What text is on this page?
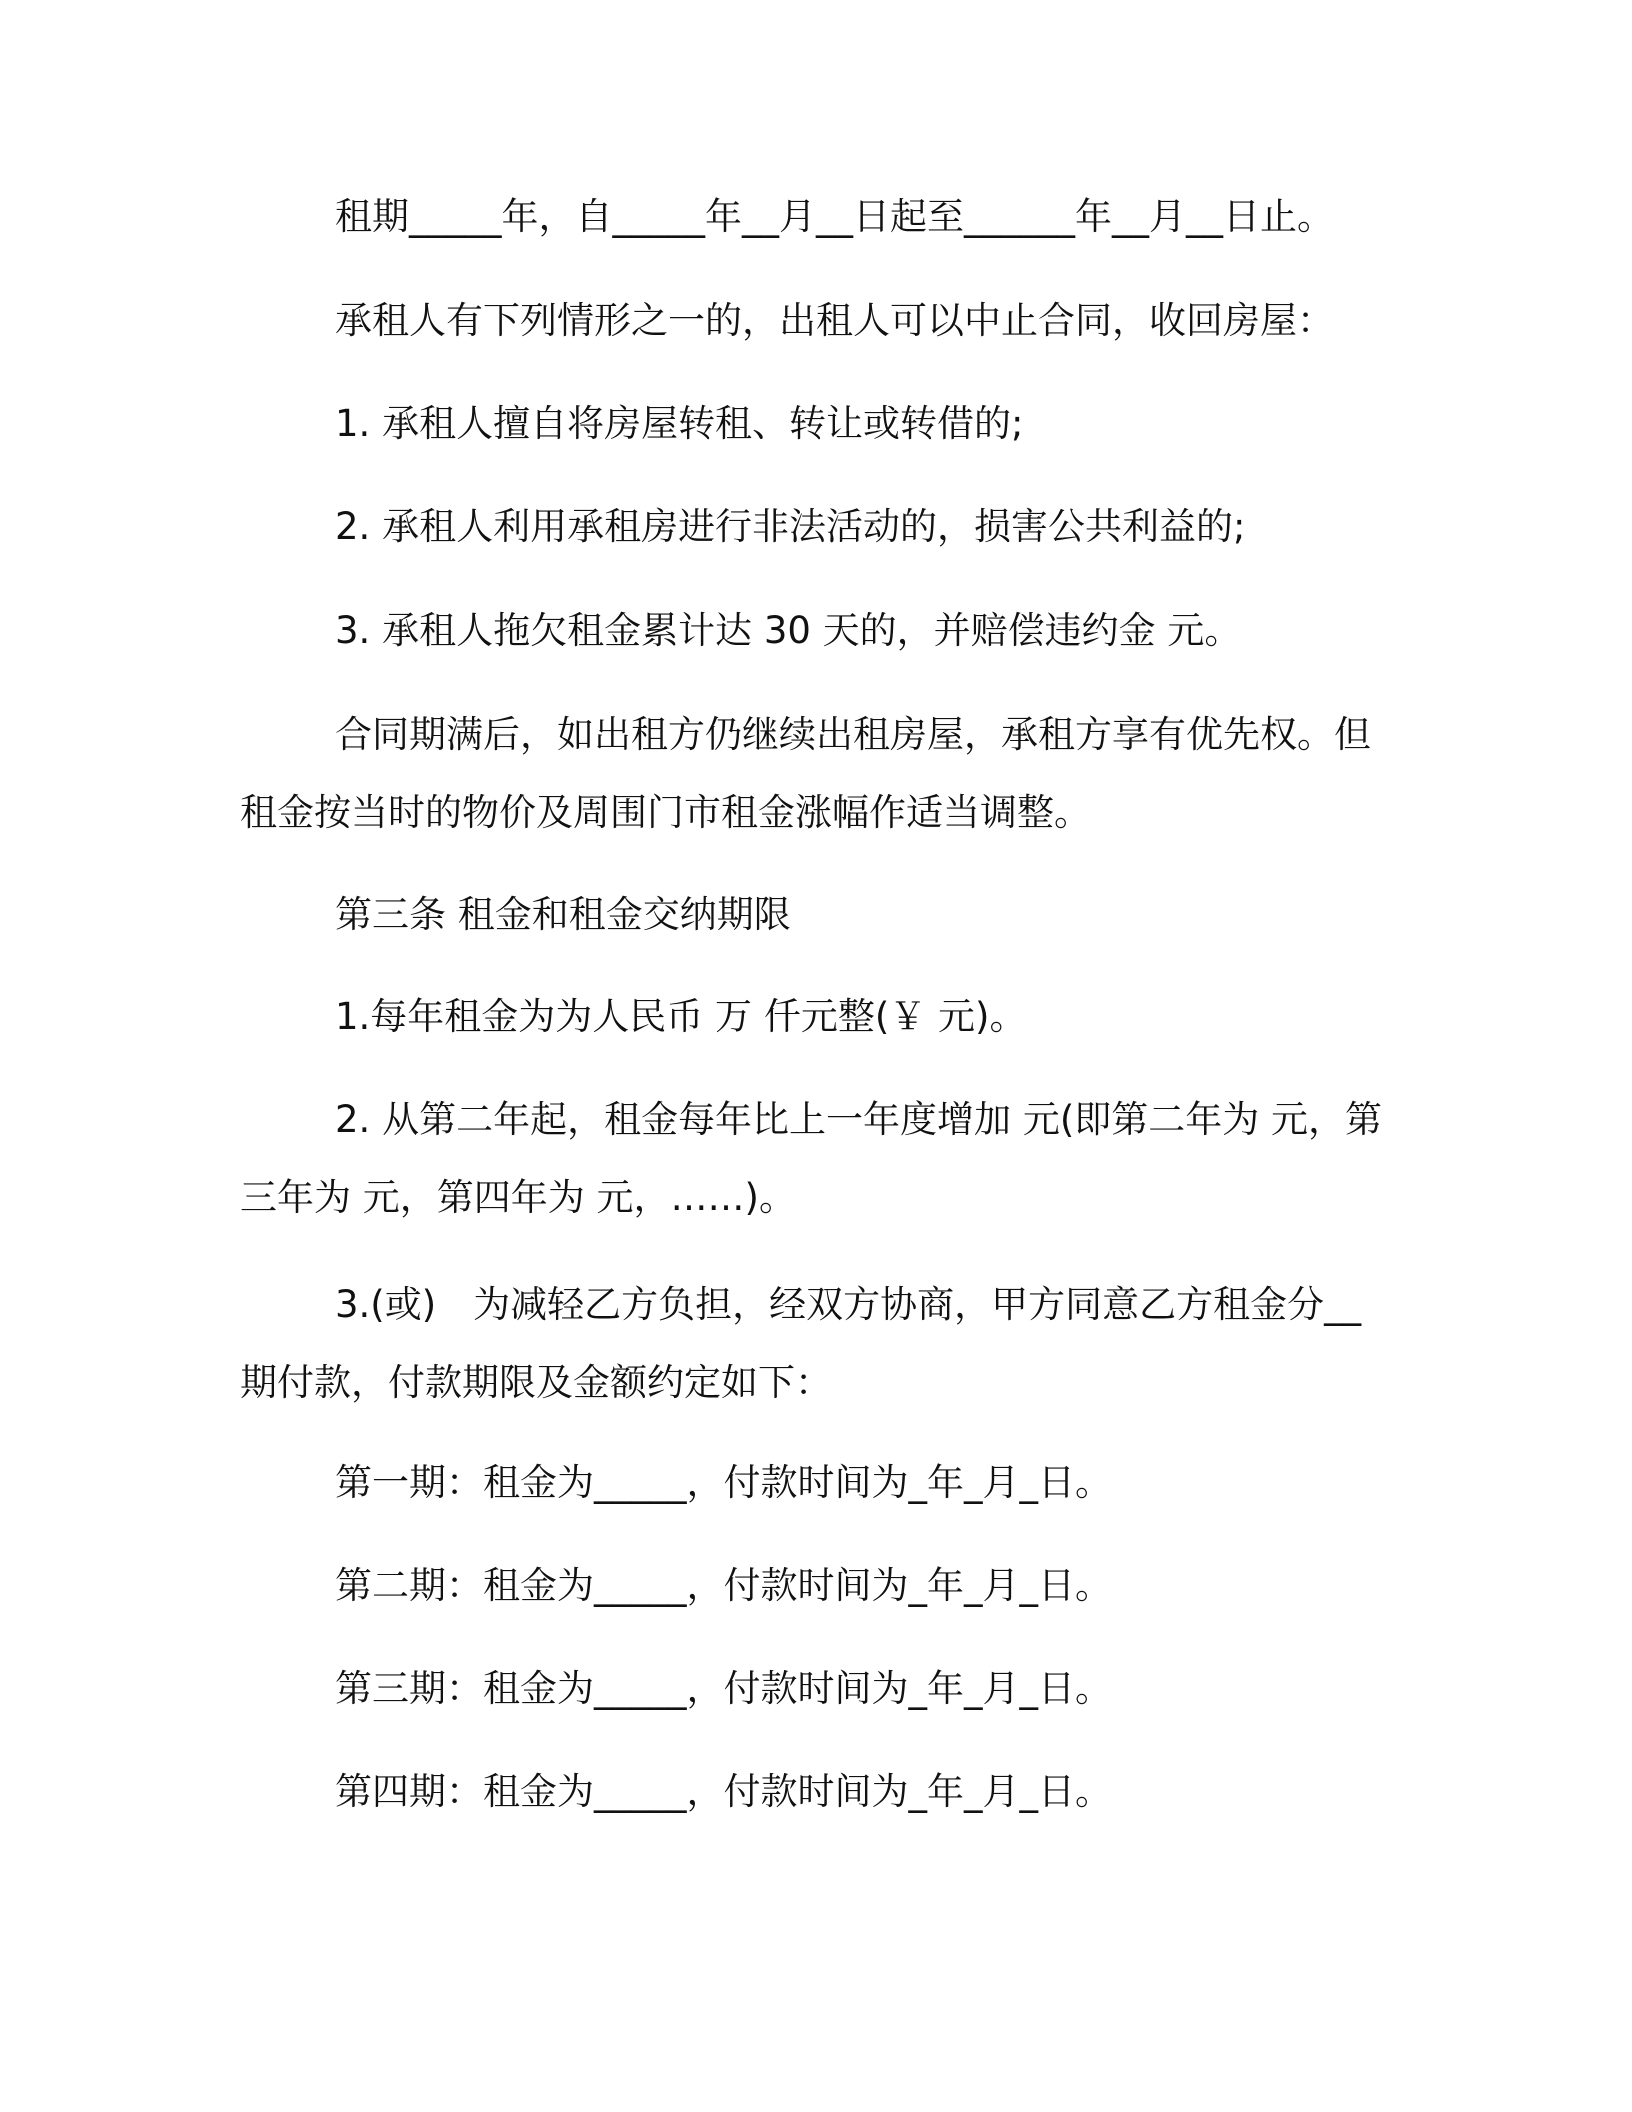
租期_____年，自_____年__月__日起至______年__月__日止。

承租人有下列情形之一的，出租人可以中止合同，收回房屋：

1. 承租人擅自将房屋转租、转让或转借的;

2. 承租人利用承租房进行非法活动的，损害公共利益的;

3. 承租人拖欠租金累计达 30 天的，并赔偿违约金 元。

合同期满后，如出租方仍继续出租房屋，承租方享有优先权。但
租金按当时的物价及周围门市租金涨幅作适当调整。

第三条 租金和租金交纳期限

1.每年租金为为人民币 万 仟元整(￥ 元)。

2. 从第二年起，租金每年比上一年度增加 元(即第二年为 元，第
三年为 元，第四年为 元，……)。
3.(或)　为减轻乙方负担，经双方协商，甲方同意乙方租金分__
期付款，付款期限及金额约定如下：

第一期：租金为_____，付款时间为_年_月_日。

第二期：租金为_____，付款时间为_年_月_日。

第三期：租金为_____，付款时间为_年_月_日。

第四期：租金为_____，付款时间为_年_月_日。
